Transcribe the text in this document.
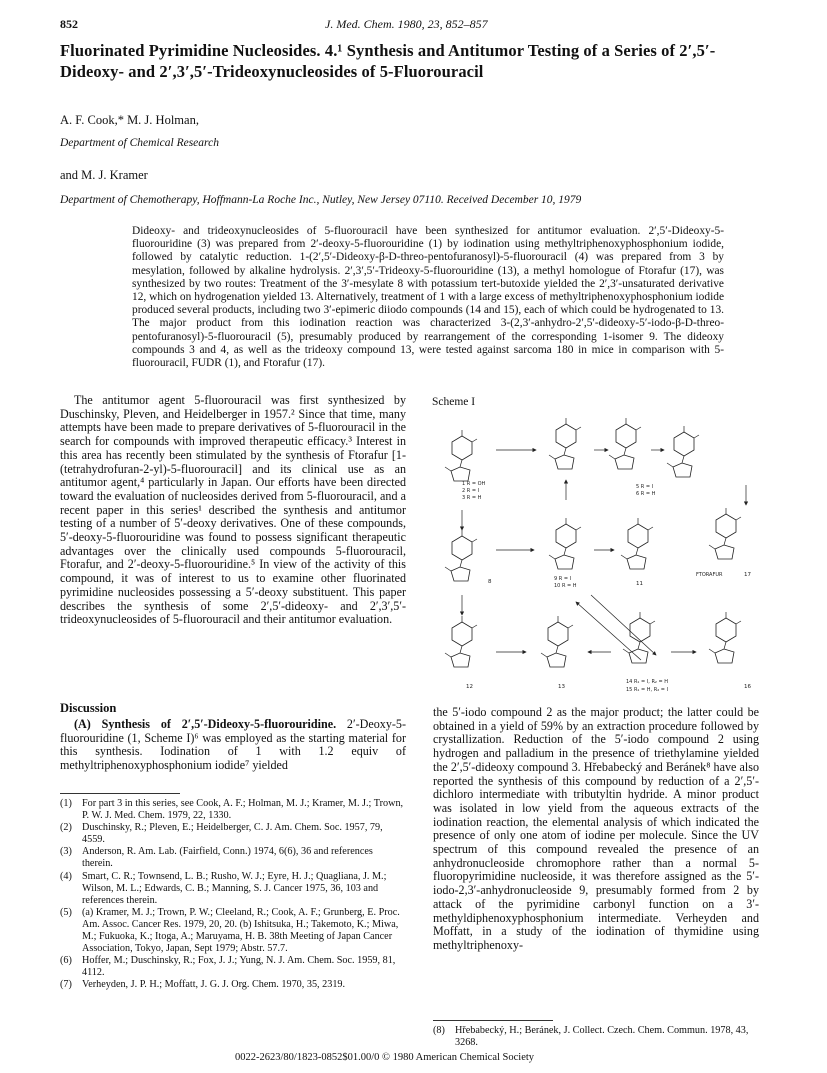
852	J. Med. Chem. 1980, 23, 852–857
Fluorinated Pyrimidine Nucleosides. 4.¹ Synthesis and Antitumor Testing of a Series of 2′,5′-Dideoxy- and 2′,3′,5′-Trideoxynucleosides of 5-Fluorouracil
A. F. Cook,* M. J. Holman,
Department of Chemical Research
and M. J. Kramer
Department of Chemotherapy, Hoffmann-La Roche Inc., Nutley, New Jersey 07110. Received December 10, 1979
Dideoxy- and trideoxynucleosides of 5-fluorouracil have been synthesized for antitumor evaluation. 2′,5′-Dideoxy-5-fluorouridine (3) was prepared from 2′-deoxy-5-fluorouridine (1) by iodination using methyltriphenoxyphosphonium iodide, followed by catalytic reduction. 1-(2′,5′-Dideoxy-β-D-threo-pentofuranosyl)-5-fluorouracil (4) was prepared from 3 by mesylation, followed by alkaline hydrolysis. 2′,3′,5′-Trideoxy-5-fluorouridine (13), a methyl homologue of Ftorafur (17), was synthesized by two routes: Treatment of the 3′-mesylate 8 with potassium tert-butoxide yielded the 2′,3′-unsaturated derivative 12, which on hydrogenation yielded 13. Alternatively, treatment of 1 with a large excess of methyltriphenoxyphosphonium iodide produced several products, including two 3′-epimeric diiodo compounds (14 and 15), each of which could be hydrogenated to 13. The major product from this iodination reaction was characterized 3-(2,3′-anhydro-2′,5′-dideoxy-5′-iodo-β-D-threo-pentofuranosyl)-5-fluorouracil (5), presumably produced by rearrangement of the corresponding 1-isomer 9. The dideoxy compounds 3 and 4, as well as the trideoxy compound 13, were tested against sarcoma 180 in mice in comparison with 5-fluorouracil, FUDR (1), and Ftorafur (17).
The antitumor agent 5-fluorouracil was first synthesized by Duschinsky, Pleven, and Heidelberger in 1957.² Since that time, many attempts have been made to prepare derivatives of 5-fluorouracil in the search for compounds with improved therapeutic efficacy.³ Interest in this area has recently been stimulated by the synthesis of Ftorafur [1-(tetrahydrofuran-2-yl)-5-fluorouracil] and its clinical use as an antitumor agent,⁴ particularly in Japan. Our efforts have been directed toward the evaluation of nucleosides derived from 5-fluorouracil, and a recent paper in this series¹ described the synthesis and antitumor testing of a number of 5′-deoxy derivatives. One of these compounds, 5′-deoxy-5-fluorouridine was found to possess significant therapeutic advantages over the clinically used compounds 5-fluorouracil, Ftorafur, and 2′-deoxy-5-fluorouridine.⁵ In view of the activity of this compound, it was of interest to us to examine other fluorinated pyrimidine nucleosides possessing a 5′-deoxy substituent. This paper describes the synthesis of some 2′,5′-dideoxy- and 2′,3′,5′-trideoxynucleosides of 5-fluorouracil and their antitumor evaluation.
Discussion
(A) Synthesis of 2′,5′-Dideoxy-5-fluorouridine. 2′-Deoxy-5-fluorouridine (1, Scheme I)⁶ was employed as the starting material for this synthesis. Iodination of 1 with 1.2 equiv of methyltriphenoxyphosphonium iodide⁷ yielded
(1) For part 3 in this series, see Cook, A. F.; Holman, M. J.; Kramer, M. J.; Trown, P. W. J. Med. Chem. 1979, 22, 1330.
(2) Duschinsky, R.; Pleven, E.; Heidelberger, C. J. Am. Chem. Soc. 1957, 79, 4559.
(3) Anderson, R. Am. Lab. (Fairfield, Conn.) 1974, 6(6), 36 and references therein.
(4) Smart, C. R.; Townsend, L. B.; Rusho, W. J.; Eyre, H. J.; Quagliana, J. M.; Wilson, M. L.; Edwards, C. B.; Manning, S. J. Cancer 1975, 36, 103 and references therein.
(5) (a) Kramer, M. J.; Trown, P. W.; Cleeland, R.; Cook, A. F.; Grunberg, E. Proc. Am. Assoc. Cancer Res. 1979, 20, 20. (b) Ishitsuka, H.; Takemoto, K.; Miwa, M.; Fukuoka, K.; Itoga, A.; Maruyama, H. B. 38th Meeting of Japan Cancer Association, Tokyo, Japan, Sept 1979; Abstr. 57.7.
(6) Hoffer, M.; Duschinsky, R.; Fox, J. J.; Yung, N. J. Am. Chem. Soc. 1959, 81, 4112.
(7) Verheyden, J. P. H.; Moffatt, J. G. J. Org. Chem. 1970, 35, 2319.
Scheme I
1 R = OH
2 R = I
3 R = H
5 R = I
6 R = H
8	9 R = I
10 R = H	11
FTORAFUR	17
12	13
14 R₁ = I, R₂ = H
15 R₁ = H, R₂ = I	16
the 5′-iodo compound 2 as the major product; the latter could be obtained in a yield of 59% by an extraction procedure followed by crystallization. Reduction of the 5′-iodo compound 2 using hydrogen and palladium in the presence of triethylamine yielded the 2′,5′-dideoxy compound 3. Hřebabecký and Beránek⁸ have also reported the synthesis of this compound by reduction of a 2′,5′-dichloro intermediate with tributyltin hydride. A minor product was isolated in low yield from the aqueous extracts of the iodination reaction, the elemental analysis of which indicated the presence of only one atom of iodine per molecule. Since the UV spectrum of this compound revealed the presence of an anhydronucleoside chromophore rather than a normal 5-fluoropyrimidine nucleoside, it was therefore assigned as the 5′-iodo-2,3′-anhydronucleoside 9, presumably formed from 2 by attack of the pyrimidine carbonyl function on a 3′-methyldiphenoxyphosphonium intermediate. Verheyden and Moffatt, in a study of the iodination of thymidine using methyltriphenoxy-
(8) Hřebabecký, H.; Beránek, J. Collect. Czech. Chem. Commun. 1978, 43, 3268.
0022-2623/80/1823-0852$01.00/0 © 1980 American Chemical Society
